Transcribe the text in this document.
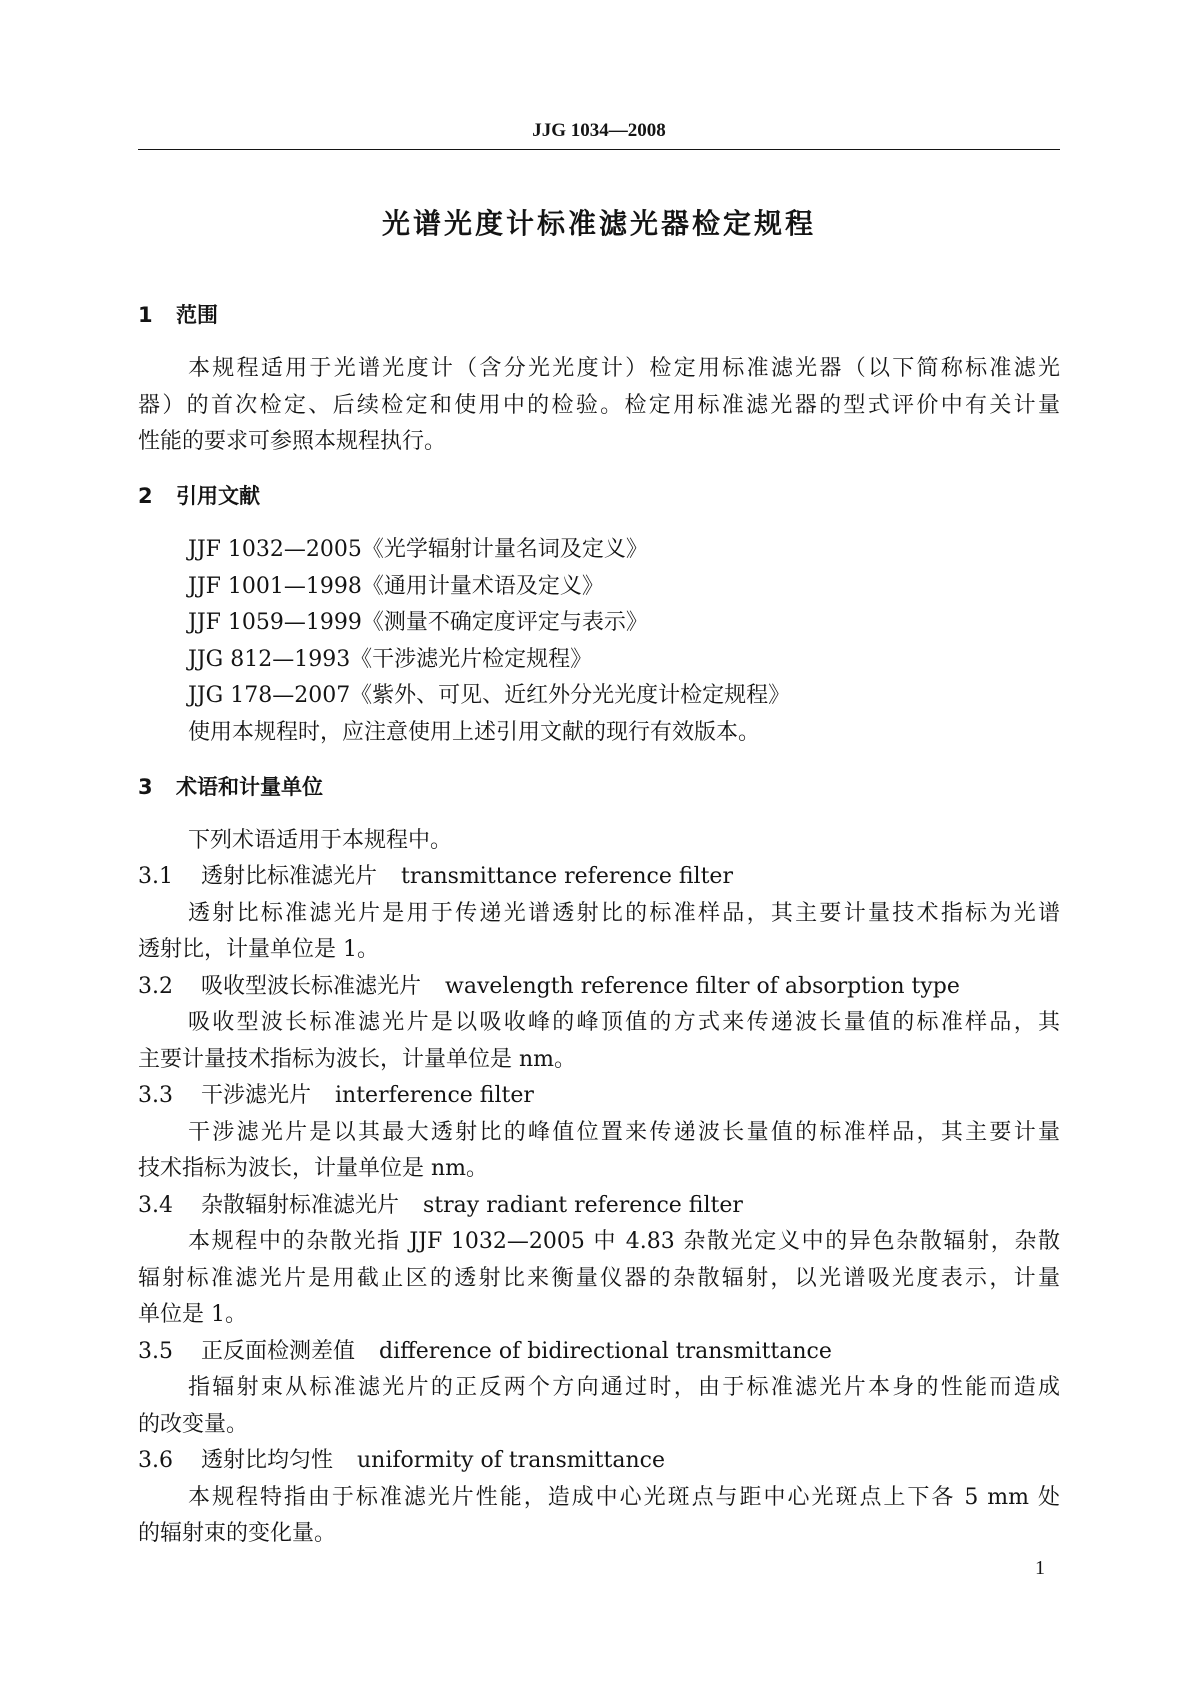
JJG 1034—2008
光谱光度计标准滤光器检定规程
1 范围
本规程适用于光谱光度计（含分光光度计）检定用标准滤光器（以下简称标准滤光
器）的首次检定、后续检定和使用中的检验。检定用标准滤光器的型式评价中有关计量
性能的要求可参照本规程执行。
2 引用文献
JJF 1032—2005《光学辐射计量名词及定义》
JJF 1001—1998《通用计量术语及定义》
JJF 1059—1999《测量不确定度评定与表示》
JJG 812—1993《干涉滤光片检定规程》
JJG 178—2007《紫外、可见、近红外分光光度计检定规程》
使用本规程时，应注意使用上述引用文献的现行有效版本。
3 术语和计量单位
下列术语适用于本规程中。
3.1 透射比标准滤光片 transmittance reference filter
透射比标准滤光片是用于传递光谱透射比的标准样品，其主要计量技术指标为光谱
透射比，计量单位是 1。
3.2 吸收型波长标准滤光片 wavelength reference filter of absorption type
吸收型波长标准滤光片是以吸收峰的峰顶值的方式来传递波长量值的标准样品，其
主要计量技术指标为波长，计量单位是 nm。
3.3 干涉滤光片 interference filter
干涉滤光片是以其最大透射比的峰值位置来传递波长量值的标准样品，其主要计量
技术指标为波长，计量单位是 nm。
3.4 杂散辐射标准滤光片 stray radiant reference filter
本规程中的杂散光指 JJF 1032—2005 中 4.83 杂散光定义中的异色杂散辐射，杂散
辐射标准滤光片是用截止区的透射比来衡量仪器的杂散辐射，以光谱吸光度表示，计量
单位是 1。
3.5 正反面检测差值 difference of bidirectional transmittance
指辐射束从标准滤光片的正反两个方向通过时，由于标准滤光片本身的性能而造成
的改变量。
3.6 透射比均匀性 uniformity of transmittance
本规程特指由于标准滤光片性能，造成中心光斑点与距中心光斑点上下各 5 mm 处
的辐射束的变化量。
1
